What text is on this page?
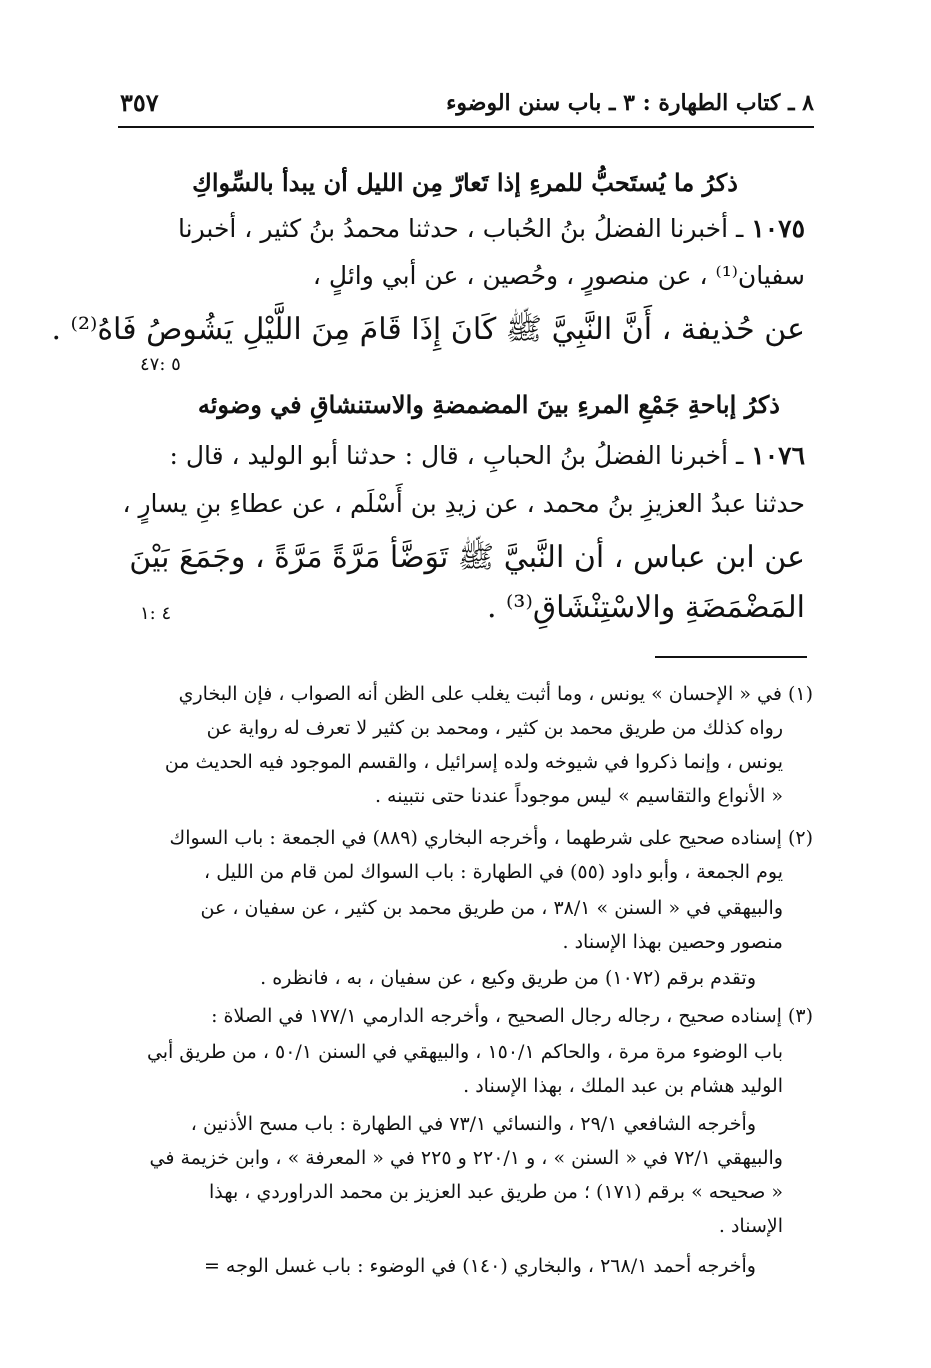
٨ ـ كتاب الطهارة : ٣ ـ باب سنن الوضوء
٣٥٧
ذكرُ ما يُستَحبُّ للمرءِ إذا تَعارّ مِن الليل أن يبدأ بالسِّواكِ
١٠٧٥ ـ أخبرنا الفضلُ بنُ الحُباب ، حدثنا محمدُ بنُ كثير ، أخبرنا
سفيان⁽¹⁾ ، عن منصورٍ ، وحُصين ، عن أبي وائلٍ ،
عن حُذيفة ، أَنَّ النَّبِيَّ ﷺ كَانَ إِذَا قَامَ مِنَ اللَّيْلِ يَشُوصُ فَاهُ⁽²⁾ .
٥ :٤٧
ذكرُ إباحةِ جَمْعِ المرءِ بينَ المضمضةِ والاستنشاقِ في وضوئه
١٠٧٦ ـ أخبرنا الفضلُ بنُ الحبابِ ، قال : حدثنا أبو الوليد ، قال :
حدثنا عبدُ العزيزِ بنُ محمد ، عن زيدِ بن أَسْلَم ، عن عطاءِ بنِ يسارٍ ،
عن ابن عباس ، أن النَّبيَّ ﷺ تَوَضَّأ مَرَّةً مَرَّةً ، وجَمَعَ بَيْنَ
المَضْمَضَةِ والاسْتِنْشَاقِ⁽³⁾ .
٤ :١
(١) في « الإحسان » يونس ، وما أثبت يغلب على الظن أنه الصواب ، فإن البخاري
رواه كذلك من طريق محمد بن كثير ، ومحمد بن كثير لا تعرف له رواية عن
يونس ، وإنما ذكروا في شيوخه ولده إسرائيل ، والقسم الموجود فيه الحديث من
« الأنواع والتقاسيم » ليس موجوداً عندنا حتى نتبينه .
(٢) إسناده صحيح على شرطهما ، وأخرجه البخاري (٨٨٩) في الجمعة : باب السواك
يوم الجمعة ، وأبو داود (٥٥) في الطهارة : باب السواك لمن قام من الليل ،
والبيهقي في « السنن » ٣٨/١ ، من طريق محمد بن كثير ، عن سفيان ، عن
منصور وحصين بهذا الإسناد .
وتقدم برقم (١٠٧٢) من طريق وكيع ، عن سفيان ، به ، فانظره .
(٣) إسناده صحيح ، رجاله رجال الصحيح ، وأخرجه الدارمي ١٧٧/١ في الصلاة :
باب الوضوء مرة مرة ، والحاكم ١٥٠/١ ، والبيهقي في السنن ٥٠/١ ، من طريق أبي
الوليد هشام بن عبد الملك ، بهذا الإسناد .
وأخرجه الشافعي ٢٩/١ ، والنسائي ٧٣/١ في الطهارة : باب مسح الأذنين ،
والبيهقي ٧٢/١ في « السنن » ، و ٢٢٠/١ و ٢٢٥ في « المعرفة » ، وابن خزيمة في
« صحيحه » برقم (١٧١) ؛ من طريق عبد العزيز بن محمد الدراوردي ، بهذا
الإسناد .
وأخرجه أحمد ٢٦٨/١ ، والبخاري (١٤٠) في الوضوء : باب غسل الوجه =
